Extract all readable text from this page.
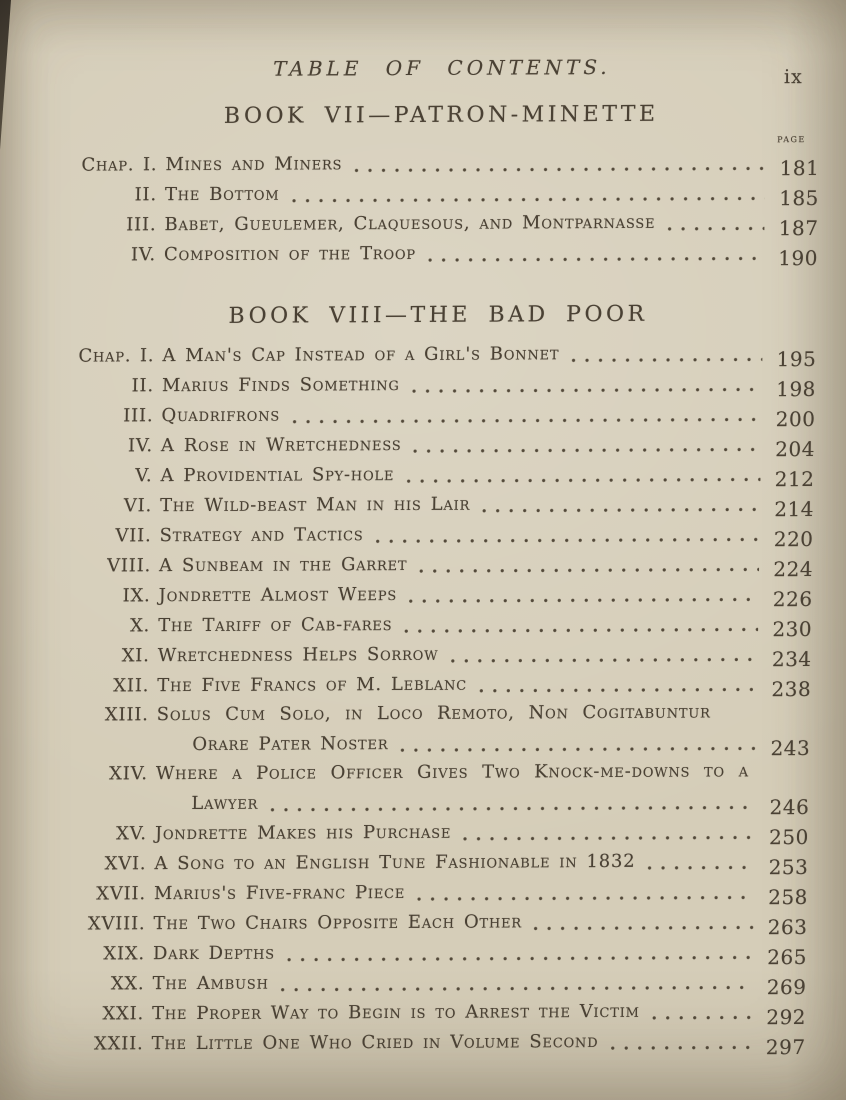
TABLE OF CONTENTS.	ix
BOOK VII—PATRON-MINETTE
page
Chap. I. Mines and Miners	181
II. The Bottom	185
III. Babet, Gueulemer, Claquesous, and Montparnasse	187
IV. Composition of the Troop	190
BOOK VIII—THE BAD POOR
Chap. I. A Man's Cap Instead of a Girl's Bonnet	195
II. Marius Finds Something	198
III. Quadrifrons	200
IV. A Rose in Wretchedness	204
V. A Providential Spy-hole	212
VI. The Wild-beast Man in his Lair	214
VII. Strategy and Tactics	220
VIII. A Sunbeam in the Garret	224
IX. Jondrette Almost Weeps	226
X. The Tariff of Cab-fares	230
XI. Wretchedness Helps Sorrow	234
XII. The Five Francs of M. Leblanc	238
XIII. Solus Cum Solo, in Loco Remoto, Non Cogitabuntur
Orare Pater Noster	243
XIV. Where a Police Officer Gives Two Knock-me-downs to a
Lawyer	246
XV. Jondrette Makes his Purchase	250
XVI. A Song to an English Tune Fashionable in 1832	253
XVII. Marius's Five-franc Piece	258
XVIII. The Two Chairs Opposite Each Other	263
XIX. Dark Depths	265
XX. The Ambush	269
XXI. The Proper Way to Begin is to Arrest the Victim	292
XXII. The Little One Who Cried in Volume Second	297
